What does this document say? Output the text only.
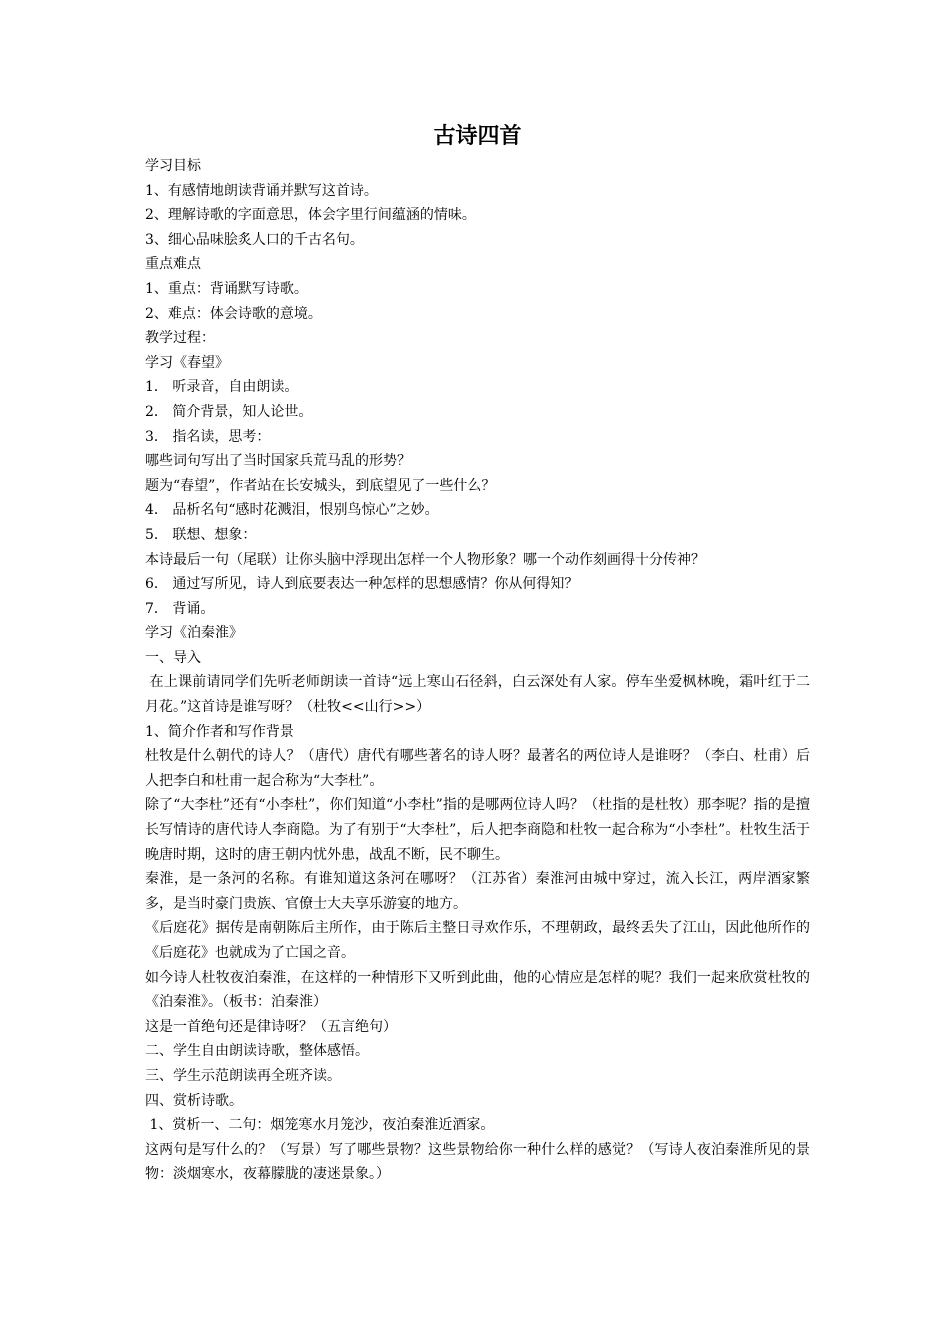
古诗四首

学习目标

1、有感情地朗读背诵并默写这首诗。

2、理解诗歌的字面意思，体会字里行间蕴涵的情味。

3、细心品味脍炙人口的千古名句。

重点难点

1、重点：背诵默写诗歌。

2、难点：体会诗歌的意境。

教学过程：

学习《春望》

1． 听录音，自由朗读。

2． 简介背景，知人论世。

3． 指名读，思考：

哪些词句写出了当时国家兵荒马乱的形势？

题为“春望”，作者站在长安城头，到底望见了一些什么？

4． 品析名句“感时花溅泪，恨别鸟惊心”之妙。

5． 联想、想象：

本诗最后一句（尾联）让你头脑中浮现出怎样一个人物形象？哪一个动作刻画得十分传神？

6． 通过写所见，诗人到底要表达一种怎样的思想感情？你从何得知？

7． 背诵。

学习《泊秦淮》

一、导入

在上课前请同学们先听老师朗读一首诗“远上寒山石径斜，白云深处有人家。停车坐爱枫林晚，霜叶红于二月花。”这首诗是谁写呀？（杜牧<<山行>>）

1、简介作者和写作背景

杜牧是什么朝代的诗人？（唐代）唐代有哪些著名的诗人呀？最著名的两位诗人是谁呀？（李白、杜甫）后人把李白和杜甫一起合称为“大李杜”。

除了“大李杜”还有“小李杜”，你们知道“小李杜”指的是哪两位诗人吗？（杜指的是杜牧）那李呢？指的是擅长写情诗的唐代诗人李商隐。为了有别于“大李杜”，后人把李商隐和杜牧一起合称为“小李杜”。杜牧生活于晚唐时期，这时的唐王朝内忧外患，战乱不断，民不聊生。

秦淮，是一条河的名称。有谁知道这条河在哪呀？（江苏省）秦淮河由城中穿过，流入长江，两岸酒家繁多，是当时豪门贵族、官僚士大夫享乐游宴的地方。

《后庭花》据传是南朝陈后主所作，由于陈后主整日寻欢作乐，不理朝政，最终丢失了江山，因此他所作的《后庭花》也就成为了亡国之音。

如今诗人杜牧夜泊秦淮，在这样的一种情形下又听到此曲，他的心情应是怎样的呢？我们一起来欣赏杜牧的《泊秦淮》。（板书：泊秦淮）

这是一首绝句还是律诗呀？（五言绝句）

二、学生自由朗读诗歌，整体感悟。

三、学生示范朗读再全班齐读。

四、赏析诗歌。

1、赏析一、二句：烟笼寒水月笼沙，夜泊秦淮近酒家。

这两句是写什么的？（写景）写了哪些景物？这些景物给你一种什么样的感觉？（写诗人夜泊秦淮所见的景物：淡烟寒水，夜幕朦胧的凄迷景象。）
